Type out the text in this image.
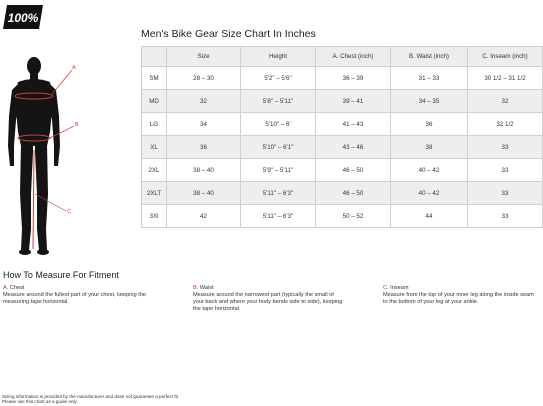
100%
Men's Bike Gear Size Chart In Inches
A
B
C
	Size	Height	A. Chest (inch)	B. Waist (inch)	C. Inseam (inch)
SM	28 – 30	5'2" – 5'6"	36 – 39	31 – 33	30 1/2 – 31 1/2
MD	32	5'8" – 5'11"	39 – 41	34 – 35	32
LG	34	5'10" – 6'	41 – 43	36	32 1/2
XL	36	5'10" – 6'1"	43 – 46	38	33
2XL	38 – 40	5'9" – 5'11"	46 – 50	40 – 42	33
2XLT	38 – 40	5'11" – 6'3"	46 – 50	40 – 42	33
3Xl	42	5'11" – 6'3"	50 – 52	44	33
How To Measure For Fitment
A. Chest
Measure around the fullest part of your chest, keeping the
measuring tape horizontal.
B. Waist
Measure around the narrowest part (typically the small of
your back and where your body bends side to side), keeping
the tape horizontal.
C. Inseam
Measure from the top of your inner leg along the inside seam
to the bottom of your leg at your ankle.
Sizing information is provided by the manufacturer and does not guarantee a perfect fit.
Please use this chart as a guide only
